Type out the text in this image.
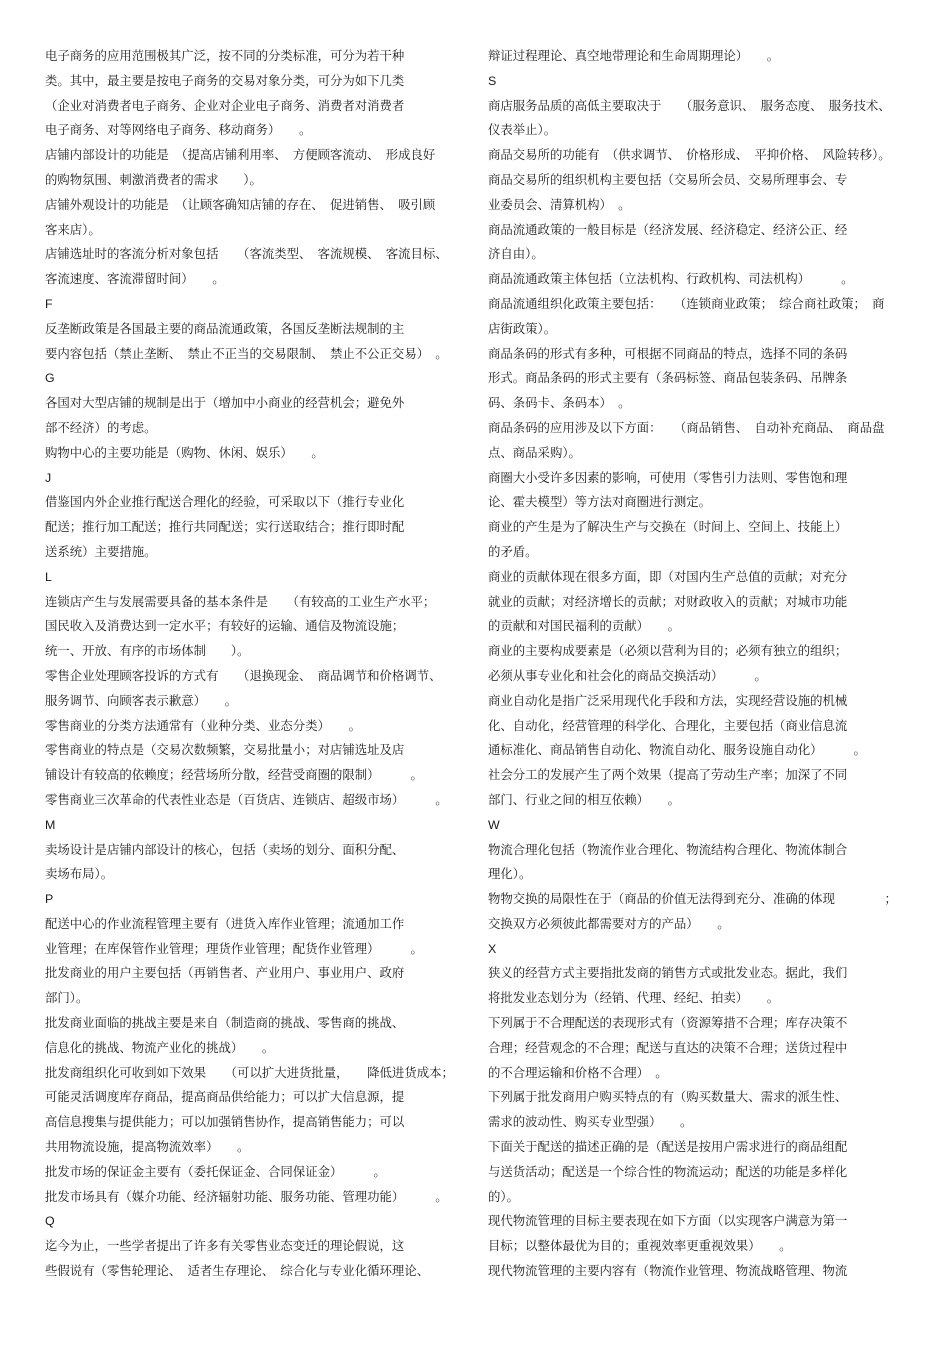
电子商务的应用范围极其广泛，按不同的分类标准，可分为若干种
类。其中，最主要是按电子商务的交易对象分类，可分为如下几类
（企业对消费者电子商务、企业对企业电子商务、消费者对消费者
电子商务、对等网络电子商务、移动商务）　　。
店铺内部设计的功能是　（提高店铺利用率、　方便顾客流动、　形成良好
的购物氛围、刺激消费者的需求　　）。
店铺外观设计的功能是　（让顾客确知店铺的存在、　促进销售、　吸引顾
客来店）。
店铺选址时的客流分析对象包括　　（客流类型、　客流规模、　客流目标、
客流速度、客流滞留时间）　　。
F
反垄断政策是各国最主要的商品流通政策，各国反垄断法规制的主
要内容包括（禁止垄断、　禁止不正当的交易限制、　禁止不公正交易）　。
G
各国对大型店铺的规制是出于（增加中小商业的经营机会；避免外
部不经济）的考虑。
购物中心的主要功能是（购物、休闲、娱乐）　　。
J
借鉴国内外企业推行配送合理化的经验，可采取以下（推行专业化
配送；推行加工配送；推行共同配送；实行送取结合；推行即时配
送系统）主要措施。
L
连锁店产生与发展需要具备的基本条件是　　（有较高的工业生产水平；
国民收入及消费达到一定水平；有较好的运输、通信及物流设施；
统一、开放、有序的市场体制　　）。
零售企业处理顾客投诉的方式有　　（退换现金、　商品调节和价格调节、
服务调节、向顾客表示歉意）　　。
零售商业的分类方法通常有（业种分类、业态分类）　　。
零售商业的特点是（交易次数频繁，交易批量小；对店铺选址及店
铺设计有较高的依赖度；经营场所分散，经营受商圈的限制）　　　。
零售商业三次革命的代表性业态是（百货店、连锁店、超级市场）　　　。
M
卖场设计是店铺内部设计的核心，包括（卖场的划分、面积分配、
卖场布局）。
P
配送中心的作业流程管理主要有（进货入库作业管理；流通加工作
业管理；在库保管作业管理；理货作业管理；配货作业管理）　　　。
批发商业的用户主要包括（再销售者、产业用户、事业用户、政府
部门）。
批发商业面临的挑战主要是来自（制造商的挑战、零售商的挑战、
信息化的挑战、物流产业化的挑战）　　。
批发商组织化可收到如下效果　　（可以扩大进货批量，　　降低进货成本；
可能灵活调度库存商品，提高商品供给能力；可以扩大信息源，提
高信息搜集与提供能力；可以加强销售协作，提高销售能力；可以
共用物流设施，提高物流效率）　　。
批发市场的保证金主要有（委托保证金、合同保证金）　　　。
批发市场具有（媒介功能、经济辐射功能、服务功能、管理功能）　　　。
Q
迄今为止，一些学者提出了许多有关零售业态变迁的理论假说，这
些假说有（零售轮理论、　适者生存理论、　综合化与专业化循环理论、
辩证过程理论、真空地带理论和生命周期理论）　　。
S
商店服务品质的高低主要取决于　　（服务意识、　服务态度、　服务技术、
仪表举止）。
商品交易所的功能有　（供求调节、　价格形成、　平抑价格、　风险转移）。
商品交易所的组织机构主要包括（交易所会员、交易所理事会、专
业委员会、清算机构）　。
商品流通政策的一般目标是（经济发展、经济稳定、经济公正、经
济自由）。
商品流通政策主体包括（立法机构、行政机构、司法机构）　　　。
商品流通组织化政策主要包括：　　（连锁商业政策；　综合商社政策；　商
店街政策）。
商品条码的形式有多种，可根据不同商品的特点，选择不同的条码
形式。商品条码的形式主要有（条码标签、商品包装条码、吊牌条
码、条码卡、条码本）　。
商品条码的应用涉及以下方面：　　（商品销售、　自动补充商品、　商品盘
点、商品采购）。
商圈大小受许多因素的影响，可使用（零售引力法则、零售饱和理
论、霍夫模型）等方法对商圈进行测定。
商业的产生是为了解决生产与交换在（时间上、空间上、技能上）
的矛盾。
商业的贡献体现在很多方面，即（对国内生产总值的贡献；对充分
就业的贡献；对经济增长的贡献；对财政收入的贡献；对城市功能
的贡献和对国民福利的贡献）　　。
商业的主要构成要素是（必须以营利为目的；必须有独立的组织；
必须从事专业化和社会化的商品交换活动）　　　。
商业自动化是指广泛采用现代化手段和方法，实现经营设施的机械
化、自动化，经营管理的科学化、合理化，主要包括（商业信息流
通标准化、商品销售自动化、物流自动化、服务设施自动化）　　　。
社会分工的发展产生了两个效果（提高了劳动生产率；加深了不同
部门、行业之间的相互依赖）　　。
W
物流合理化包括（物流作业合理化、物流结构合理化、物流体制合
理化）。
物物交换的局限性在于（商品的价值无法得到充分、准确的体现　　　　；
交换双方必须彼此都需要对方的产品）　　。
X
狭义的经营方式主要指批发商的销售方式或批发业态。据此，我们
将批发业态划分为（经销、代理、经纪、拍卖）　　。
下列属于不合理配送的表现形式有（资源筹措不合理；库存决策不
合理；经营观念的不合理；配送与直达的决策不合理；送货过程中
的不合理运输和价格不合理）　。
下列属于批发商用户购买特点的有（购买数量大、需求的派生性、
需求的波动性、购买专业型强）　　。
下面关于配送的描述正确的是（配送是按用户需求进行的商品组配
与送货活动；配送是一个综合性的物流运动；配送的功能是多样化
的）。
现代物流管理的目标主要表现在如下方面（以实现客户满意为第一
目标；以整体最优为目的；重视效率更重视效果）　　。
现代物流管理的主要内容有（物流作业管理、物流战略管理、物流
